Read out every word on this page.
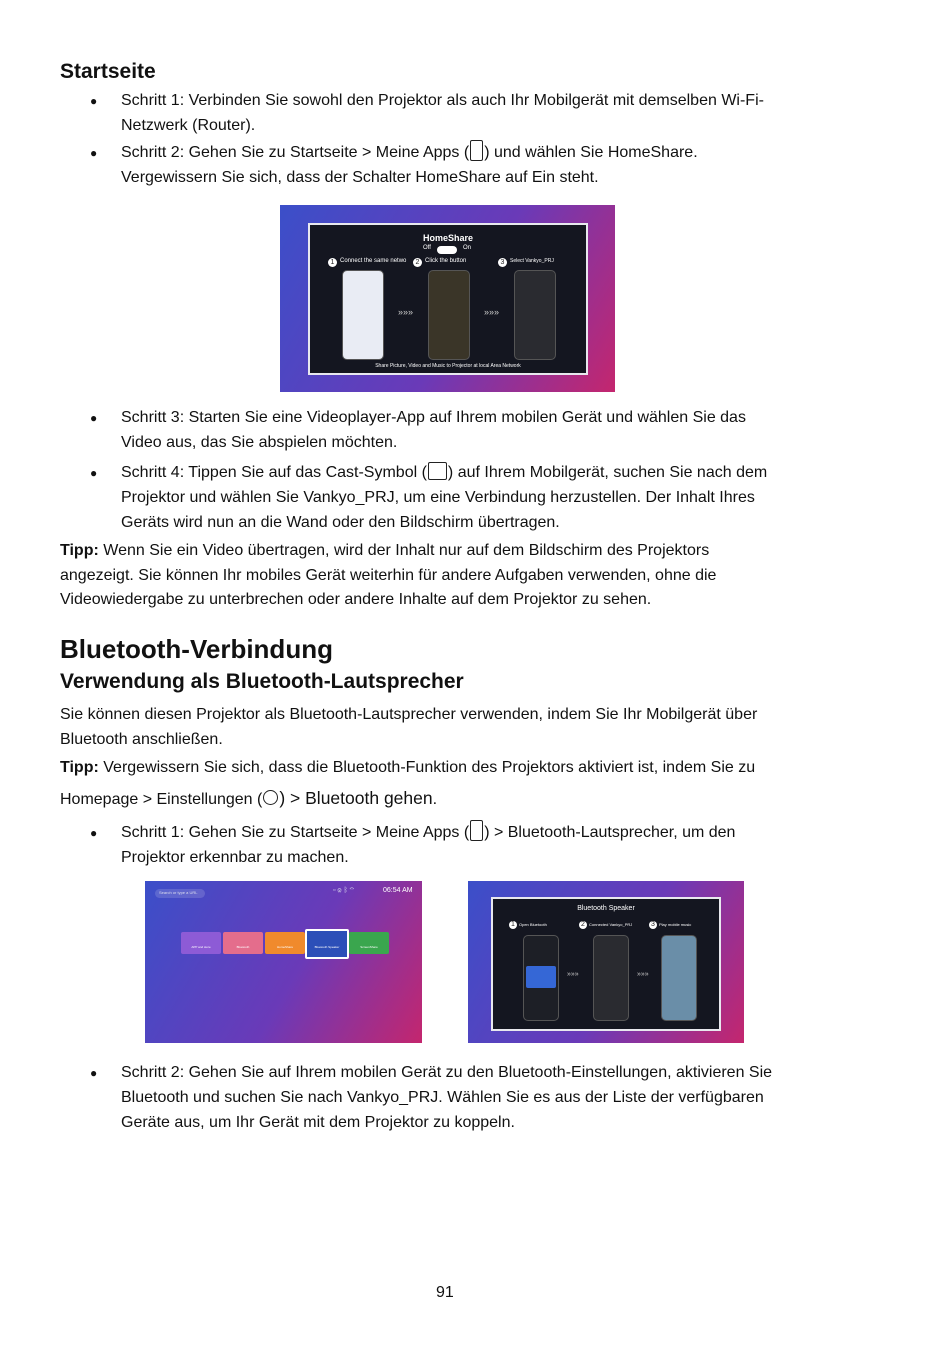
Startseite
● Schritt 1: Verbinden Sie sowohl den Projektor als auch Ihr Mobilgerät mit demselben Wi-Fi-
Netzwerk (Router).
● Schritt 2: Gehen Sie zu Startseite > Meine Apps ( ) und wählen Sie HomeShare.
Vergewissern Sie sich, dass der Schalter HomeShare auf Ein steht.
HomeShare
Off	On
1 Connect the same netwo	2 Click the button	3	Select Vankyo_PRJ
»»»	»»»
Share Picture, Video and Music to Projector at local Area Network
● Schritt 3: Starten Sie eine Videoplayer-App auf Ihrem mobilen Gerät und wählen Sie das
Video aus, das Sie abspielen möchten.
● Schritt 4: Tippen Sie auf das Cast-Symbol ( ) auf Ihrem Mobilgerät, suchen Sie nach dem
Projektor und wählen Sie Vankyo_PRJ, um eine Verbindung herzustellen. Der Inhalt Ihres
Geräts wird nun an die Wand oder den Bildschirm übertragen.
Tipp: Wenn Sie ein Video übertragen, wird der Inhalt nur auf dem Bildschirm des Projektors
angezeigt. Sie können Ihr mobiles Gerät weiterhin für andere Aufgaben verwenden, ohne die
Videowiedergabe zu unterbrechen oder andere Inhalte auf dem Projektor zu sehen.
Bluetooth-Verbindung
Verwendung als Bluetooth-Lautsprecher
Sie können diesen Projektor als Bluetooth-Lautsprecher verwenden, indem Sie Ihr Mobilgerät über
Bluetooth anschließen.
Tipp: Vergewissern Sie sich, dass die Bluetooth-Funktion des Projektors aktiviert ist, indem Sie zu
Homepage > Einstellungen ( ) > Bluetooth gehen.
● Schritt 1: Gehen Sie zu Startseite > Meine Apps ( ) > Bluetooth-Lautsprecher, um den
Projektor erkennbar zu machen.
Search or type a URL	▫ ⚙ ᛒ ⌔	06:54 AM
APP and store	Bluetooth	HomeShare	Bluetooth Speaker	ScreenShare
Bluetooth Speaker
1	Open Bluetooth	2	Connected Vankyo_PRJ	3	Play mobile music
»»»	»»»
● Schritt 2: Gehen Sie auf Ihrem mobilen Gerät zu den Bluetooth-Einstellungen, aktivieren Sie
Bluetooth und suchen Sie nach Vankyo_PRJ. Wählen Sie es aus der Liste der verfügbaren
Geräte aus, um Ihr Gerät mit dem Projektor zu koppeln.
91
